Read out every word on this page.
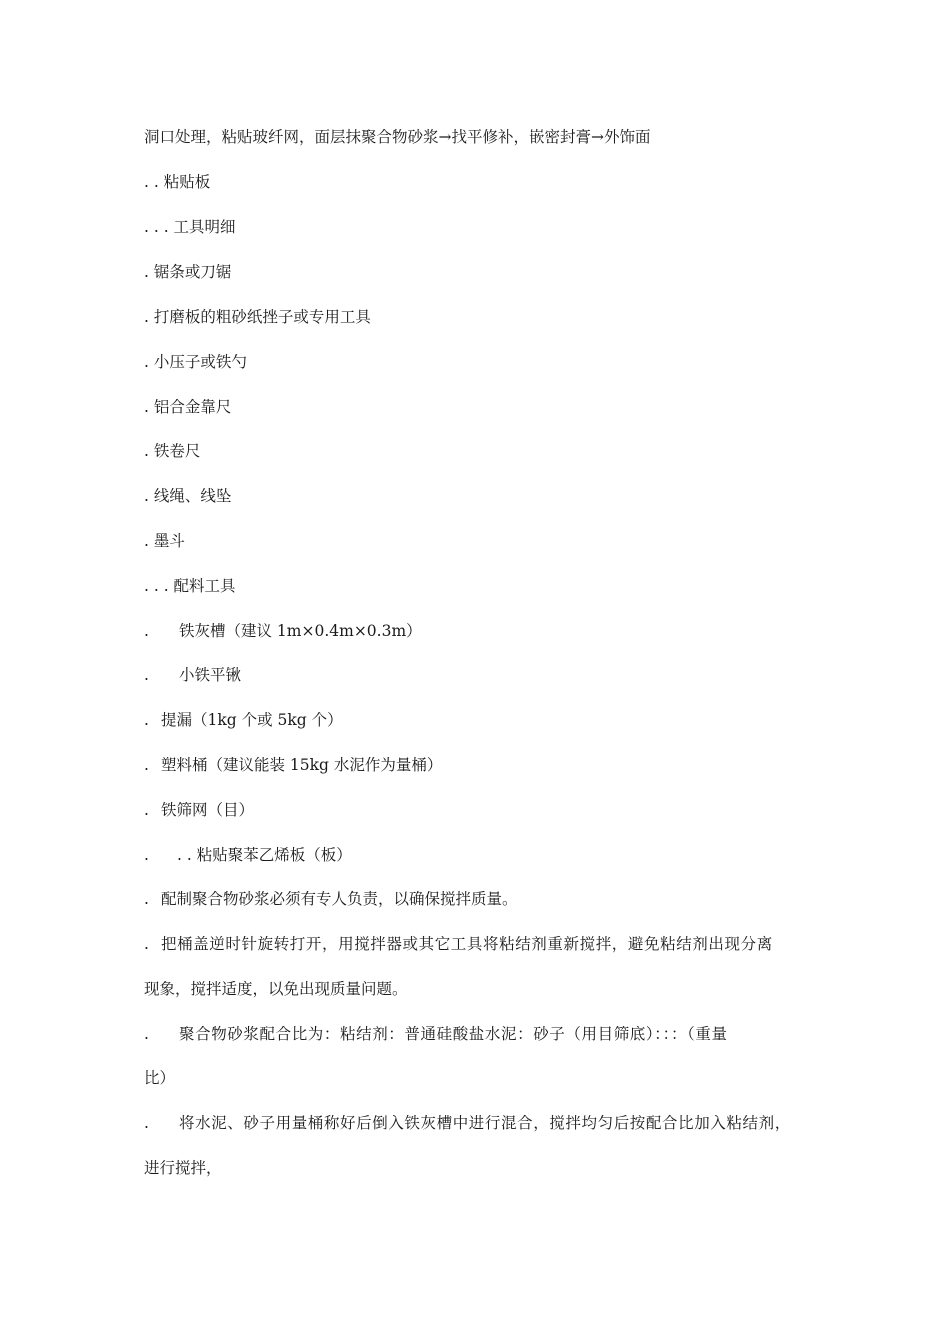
洞口处理，粘贴玻纤网，面层抹聚合物砂浆→找平修补，嵌密封膏→外饰面
. . 粘贴板
. . . 工具明细
. 锯条或刀锯
. 打磨板的粗砂纸挫子或专用工具
. 小压子或铁勺
. 铝合金靠尺
. 铁卷尺
. 线绳、线坠
. 墨斗
. . . 配料工具
. 铁灰槽（建议 1m×0.4m×0.3m）
. 小铁平锹
. 提漏（1kg 个或 5kg 个）
. 塑料桶（建议能装 15kg 水泥作为量桶）
. 铁筛网（目）
. . . 粘贴聚苯乙烯板（板）
. 配制聚合物砂浆必须有专人负责，以确保搅拌质量。
. 把桶盖逆时针旋转打开，用搅拌器或其它工具将粘结剂重新搅拌，避免粘结剂出现分离
现象，搅拌适度，以免出现质量问题。
. 聚合物砂浆配合比为：粘结剂：普通硅酸盐水泥：砂子（用目筛底）：：：（重量
比）
. 将水泥、砂子用量桶称好后倒入铁灰槽中进行混合，搅拌均匀后按配合比加入粘结剂，
进行搅拌，
